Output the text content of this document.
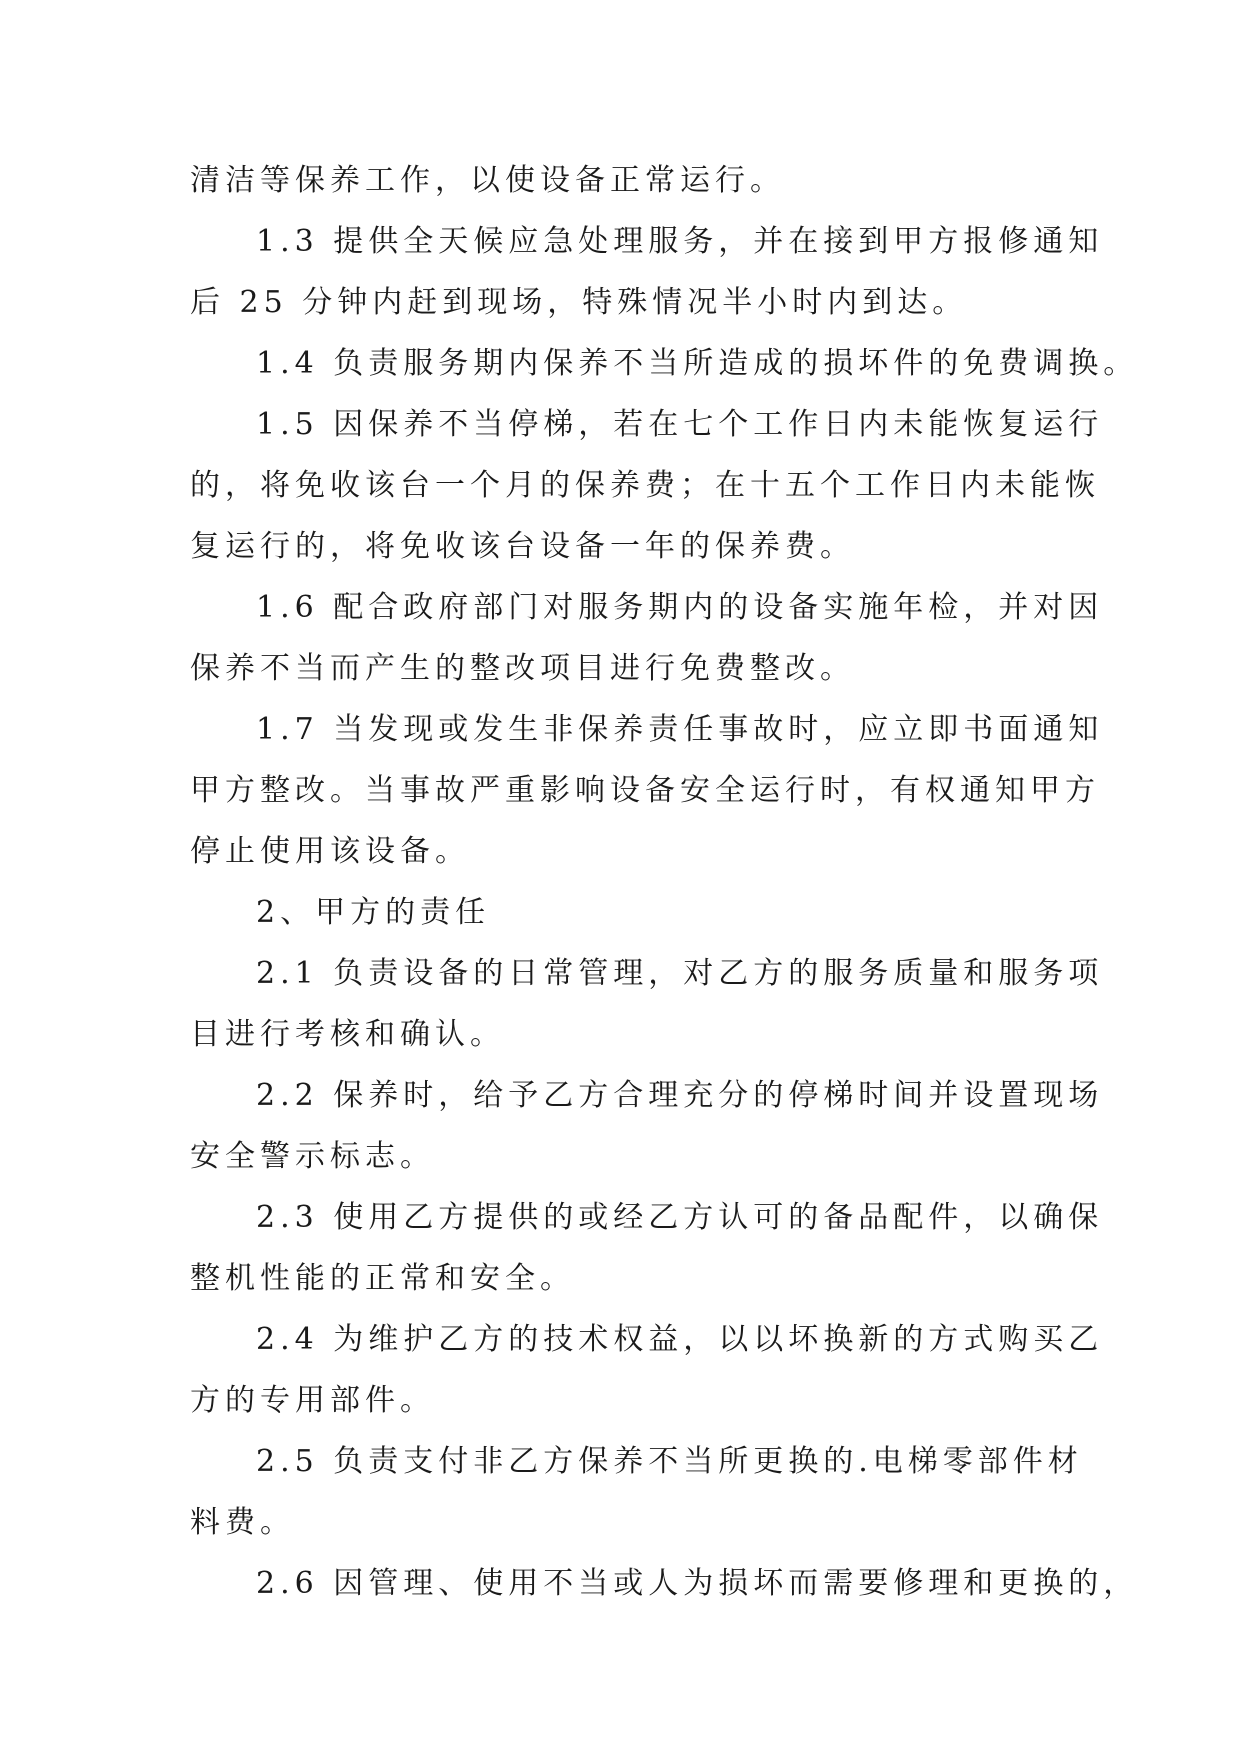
清洁等保养工作，以使设备正常运行。
1.3 提供全天候应急处理服务，并在接到甲方报修通知
后 25 分钟内赶到现场，特殊情况半小时内到达。
1.4 负责服务期内保养不当所造成的损坏件的免费调换。
1.5 因保养不当停梯，若在七个工作日内未能恢复运行
的，将免收该台一个月的保养费；在十五个工作日内未能恢
复运行的，将免收该台设备一年的保养费。
1.6 配合政府部门对服务期内的设备实施年检，并对因
保养不当而产生的整改项目进行免费整改。
1.7 当发现或发生非保养责任事故时，应立即书面通知
甲方整改。当事故严重影响设备安全运行时，有权通知甲方
停止使用该设备。
2、甲方的责任
2.1 负责设备的日常管理，对乙方的服务质量和服务项
目进行考核和确认。
2.2 保养时，给予乙方合理充分的停梯时间并设置现场
安全警示标志。
2.3 使用乙方提供的或经乙方认可的备品配件，以确保
整机性能的正常和安全。
2.4 为维护乙方的技术权益，以以坏换新的方式购买乙
方的专用部件。
2.5 负责支付非乙方保养不当所更换的.电梯零部件材
料费。
2.6 因管理、使用不当或人为损坏而需要修理和更换的，
